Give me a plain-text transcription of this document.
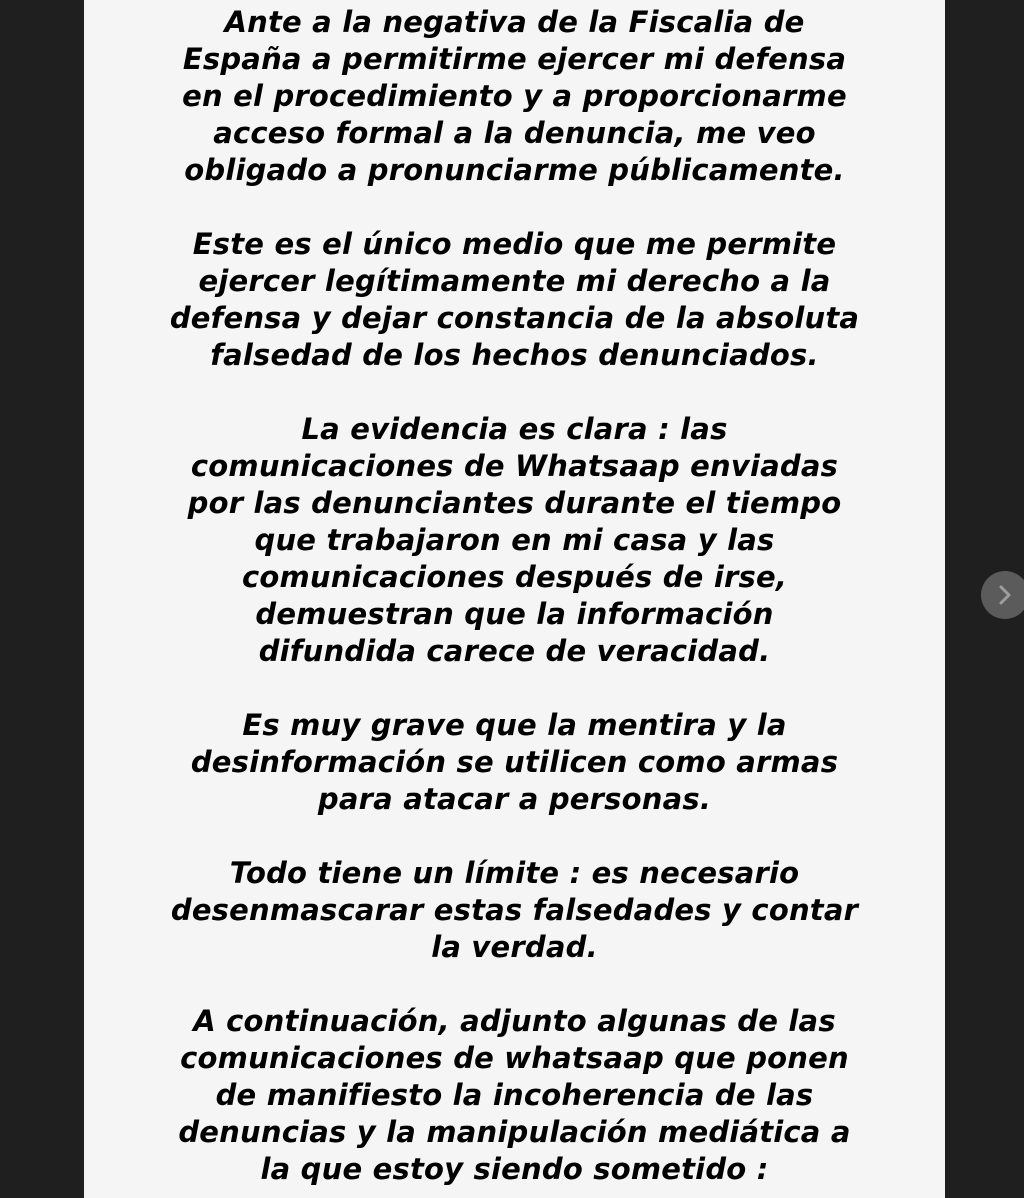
Ante a la negativa de la Fiscalia de
España a permitirme ejercer mi defensa
en el procedimiento y a proporcionarme
acceso formal a la denuncia, me veo
obligado a pronunciarme públicamente.

Este es el único medio que me permite
ejercer legítimamente mi derecho a la
defensa y dejar constancia de la absoluta
falsedad de los hechos denunciados.

La evidencia es clara : las
comunicaciones de Whatsaap enviadas
por las denunciantes durante el tiempo
que trabajaron en mi casa y las
comunicaciones después de irse,
demuestran que la información
difundida carece de veracidad.

Es muy grave que la mentira y la
desinformación se utilicen como armas
para atacar a personas.

Todo tiene un límite : es necesario
desenmascarar estas falsedades y contar
la verdad.

A continuación, adjunto algunas de las
comunicaciones de whatsaap que ponen
de manifiesto la incoherencia de las
denuncias y la manipulación mediática a
la que estoy siendo sometido :
